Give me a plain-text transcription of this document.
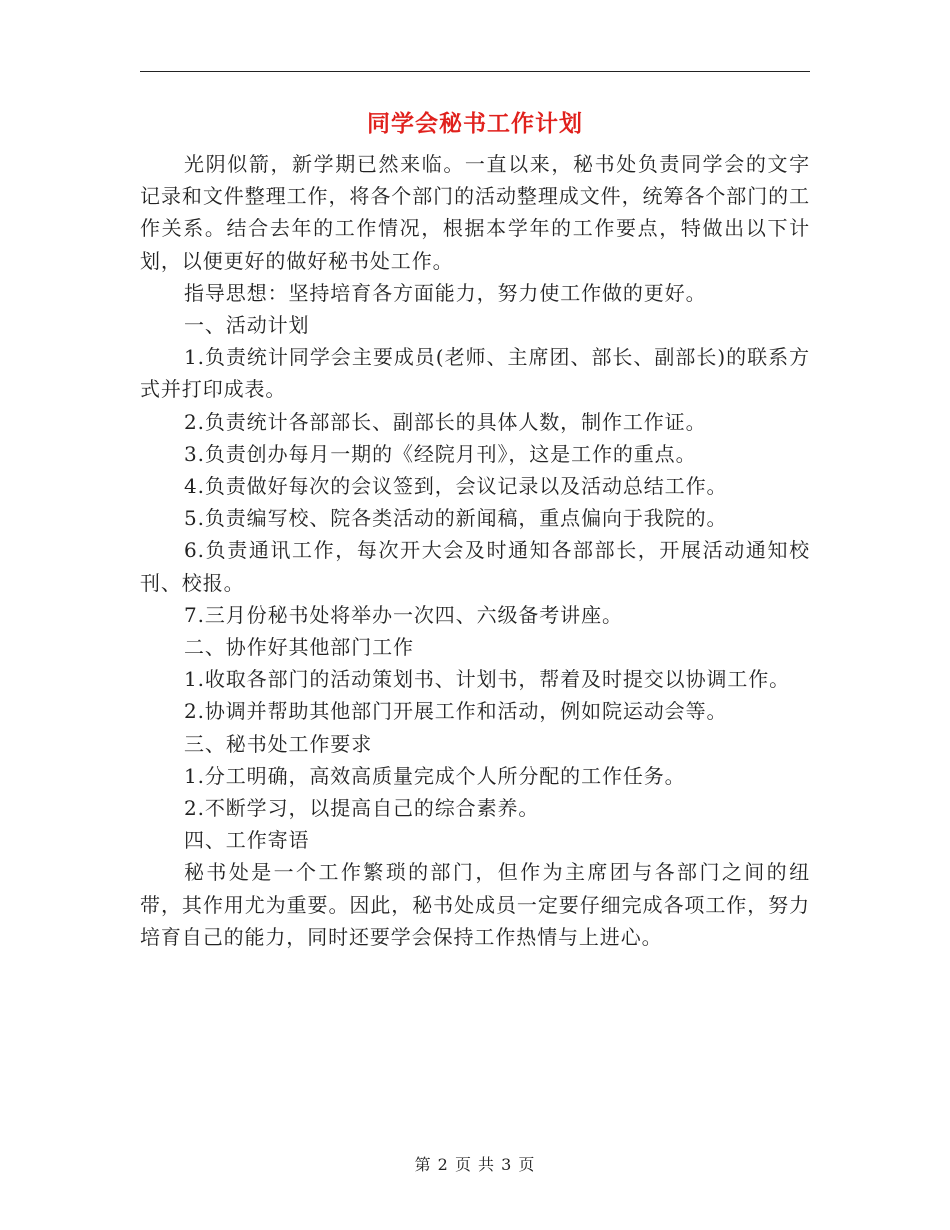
同学会秘书工作计划

光阴似箭，新学期已然来临。一直以来，秘书处负责同学会的文字记录和文件整理工作，将各个部门的活动整理成文件，统筹各个部门的工作关系。结合去年的工作情况，根据本学年的工作要点，特做出以下计划，以便更好的做好秘书处工作。

指导思想：坚持培育各方面能力，努力使工作做的更好。

一、活动计划

1.负责统计同学会主要成员(老师、主席团、部长、副部长)的联系方式并打印成表。

2.负责统计各部部长、副部长的具体人数，制作工作证。

3.负责创办每月一期的《经院月刊》，这是工作的重点。

4.负责做好每次的会议签到，会议记录以及活动总结工作。

5.负责编写校、院各类活动的新闻稿，重点偏向于我院的。

6.负责通讯工作，每次开大会及时通知各部部长，开展活动通知校刊、校报。

7.三月份秘书处将举办一次四、六级备考讲座。

二、协作好其他部门工作

1.收取各部门的活动策划书、计划书，帮着及时提交以协调工作。

2.协调并帮助其他部门开展工作和活动，例如院运动会等。

三、秘书处工作要求

1.分工明确，高效高质量完成个人所分配的工作任务。

2.不断学习，以提高自己的综合素养。

四、工作寄语

秘书处是一个工作繁琐的部门，但作为主席团与各部门之间的纽带，其作用尤为重要。因此，秘书处成员一定要仔细完成各项工作，努力培育自己的能力，同时还要学会保持工作热情与上进心。

第 2 页 共 3 页
